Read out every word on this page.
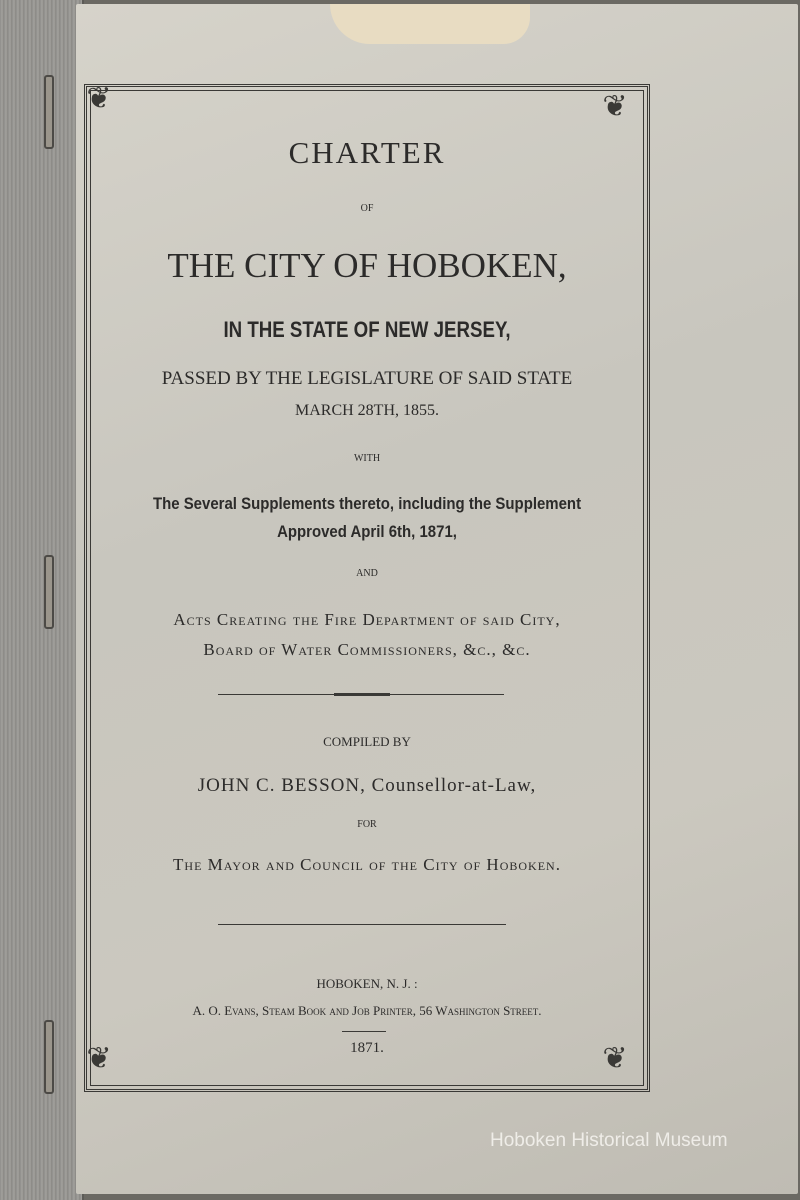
❦	❦
❦	❦
CHARTER
OF
THE CITY OF HOBOKEN,
IN THE STATE OF NEW JERSEY,
PASSED BY THE LEGISLATURE OF SAID STATE
MARCH 28TH, 1855.
WITH
The Several Supplements thereto, including the Supplement
Approved April 6th, 1871,
AND
Acts Creating the Fire Department of said City,
Board of Water Commissioners, &c., &c.
COMPILED BY
JOHN C. BESSON, Counsellor-at-Law,
FOR
The Mayor and Council of the City of Hoboken.
HOBOKEN, N. J. :
A. O. Evans, Steam Book and Job Printer, 56 Washington Street.
1871.
Hoboken Historical Museum
